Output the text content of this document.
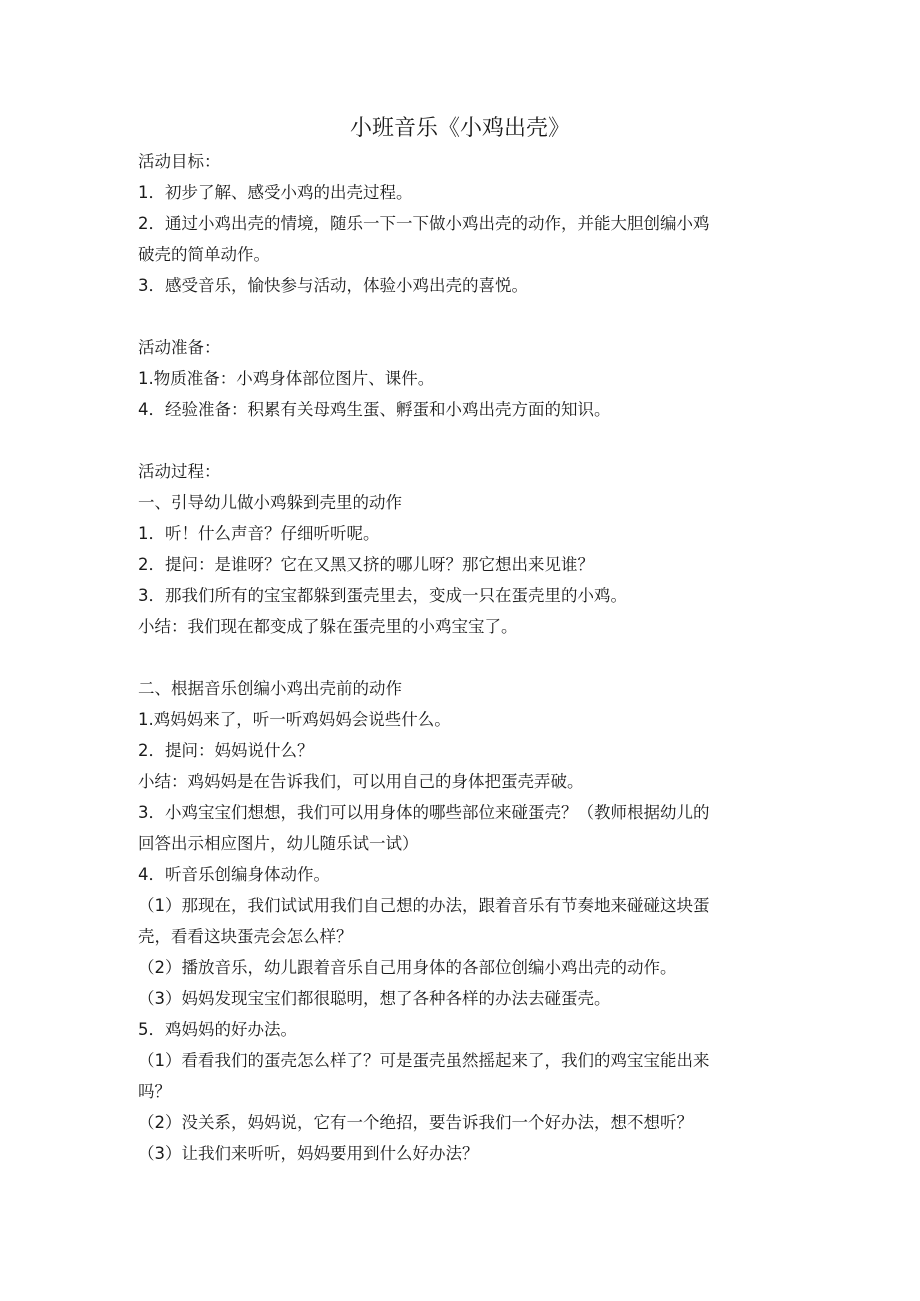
小班音乐《小鸡出壳》
活动目标：
1．初步了解、感受小鸡的出壳过程。
2．通过小鸡出壳的情境，随乐一下一下做小鸡出壳的动作，并能大胆创编小鸡
破壳的简单动作。
3．感受音乐，愉快参与活动，体验小鸡出壳的喜悦。
活动准备：
1.物质准备：小鸡身体部位图片、课件。
4．经验准备：积累有关母鸡生蛋、孵蛋和小鸡出壳方面的知识。
活动过程：
一、引导幼儿做小鸡躲到壳里的动作
1．听！什么声音？仔细听听呢。
2．提问：是谁呀？它在又黑又挤的哪儿呀？那它想出来见谁？
3．那我们所有的宝宝都躲到蛋壳里去，变成一只在蛋壳里的小鸡。
小结：我们现在都变成了躲在蛋壳里的小鸡宝宝了。
二、根据音乐创编小鸡出壳前的动作
1.鸡妈妈来了，听一听鸡妈妈会说些什么。
2．提问：妈妈说什么？
小结：鸡妈妈是在告诉我们，可以用自己的身体把蛋壳弄破。
3．小鸡宝宝们想想，我们可以用身体的哪些部位来碰蛋壳？（教师根据幼儿的
回答出示相应图片，幼儿随乐试一试）
4．听音乐创编身体动作。
（1）那现在，我们试试用我们自己想的办法，跟着音乐有节奏地来碰碰这块蛋
壳，看看这块蛋壳会怎么样？
（2）播放音乐，幼儿跟着音乐自己用身体的各部位创编小鸡出壳的动作。
（3）妈妈发现宝宝们都很聪明，想了各种各样的办法去碰蛋壳。
5．鸡妈妈的好办法。
（1）看看我们的蛋壳怎么样了？可是蛋壳虽然摇起来了，我们的鸡宝宝能出来
吗？
（2）没关系，妈妈说，它有一个绝招，要告诉我们一个好办法，想不想听？
（3）让我们来听听，妈妈要用到什么好办法？
